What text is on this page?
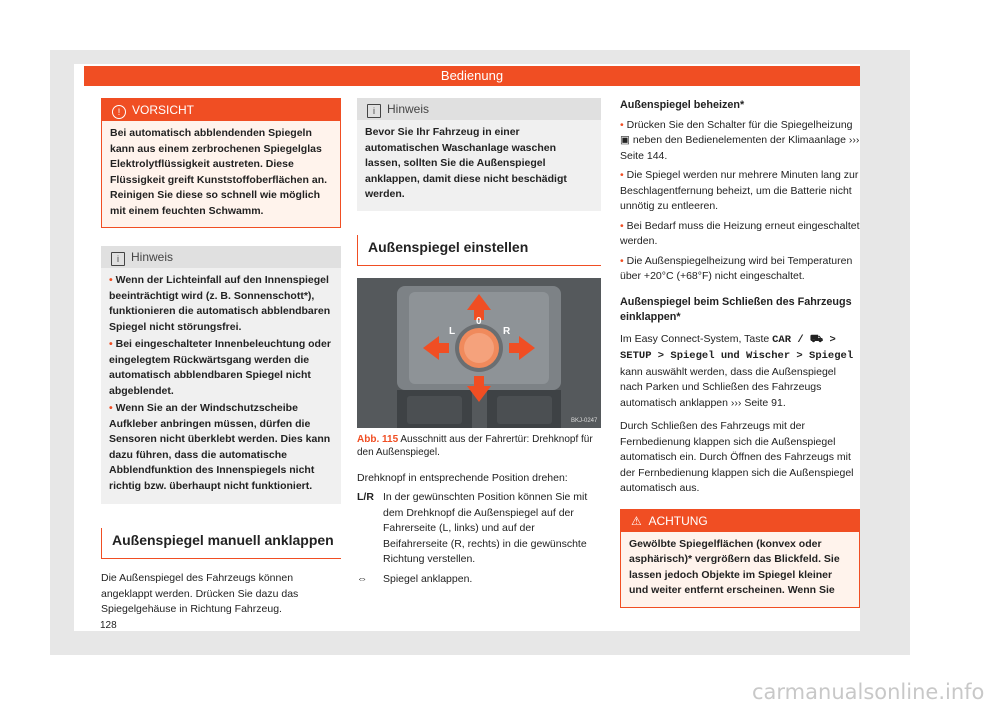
Bedienung
! VORSICHT
Bei automatisch abblendenden Spiegeln kann aus einem zerbrochenen Spiegelglas Elektrolytflüssigkeit austreten. Diese Flüssigkeit greift Kunststoffoberflächen an. Reinigen Sie diese so schnell wie möglich mit einem feuchten Schwamm.
i Hinweis
• Wenn der Lichteinfall auf den Innenspiegel beeinträchtigt wird (z. B. Sonnenschott*), funktionieren die automatisch abblendbaren Spiegel nicht störungsfrei.
• Bei eingeschalteter Innenbeleuchtung oder eingelegtem Rückwärtsgang werden die automatisch abblendbaren Spiegel nicht abgeblendet.
• Wenn Sie an der Windschutzscheibe Aufkleber anbringen müssen, dürfen die Sensoren nicht überklebt werden. Dies kann dazu führen, dass die automatische Abblendfunktion des Innenspiegels nicht richtig bzw. überhaupt nicht funktioniert.
Außenspiegel manuell anklappen
Die Außenspiegel des Fahrzeugs können angeklappt werden. Drücken Sie dazu das Spiegelgehäuse in Richtung Fahrzeug.
i Hinweis
Bevor Sie Ihr Fahrzeug in einer automatischen Waschanlage waschen lassen, sollten Sie die Außenspiegel anklappen, damit diese nicht beschädigt werden.
Außenspiegel einstellen
L
0
R
BKJ-0247
Abb. 115 Ausschnitt aus der Fahrertür: Drehknopf für den Außenspiegel.
Drehknopf in entsprechende Position drehen:
L/R In der gewünschten Position können Sie mit dem Drehknopf die Außenspiegel auf der Fahrerseite (L, links) und auf der Beifahrerseite (R, rechts) in die gewünschte Richtung verstellen.
⇔	Spiegel anklappen.
Außenspiegel beheizen*
• Drücken Sie den Schalter für die Spiegelheizung ▣ neben den Bedienelementen der Klimaanlage ››› Seite 144.
• Die Spiegel werden nur mehrere Minuten lang zur Beschlagentfernung beheizt, um die Batterie nicht unnötig zu entleeren.
• Bei Bedarf muss die Heizung erneut eingeschaltet werden.
• Die Außenspiegelheizung wird bei Temperaturen über +20°C (+68°F) nicht eingeschaltet.
Außenspiegel beim Schließen des Fahrzeugs einklappen*
Im Easy Connect-System, Taste CAR / ⛟ > SETUP > Spiegel und Wischer > Spiegel kann auswählt werden, dass die Außenspiegel nach Parken und Schließen des Fahrzeugs automatisch anklappen ››› Seite 91.
Durch Schließen des Fahrzeugs mit der Fernbedienung klappen sich die Außenspiegel automatisch ein. Durch Öffnen des Fahrzeugs mit der Fernbedienung klappen sich die Außenspiegel automatisch aus.
⚠ ACHTUNG
Gewölbte Spiegelflächen (konvex oder asphärisch)* vergrößern das Blickfeld. Sie lassen jedoch Objekte im Spiegel kleiner und weiter entfernt erscheinen. Wenn Sie
128
carmanualsonline.info
